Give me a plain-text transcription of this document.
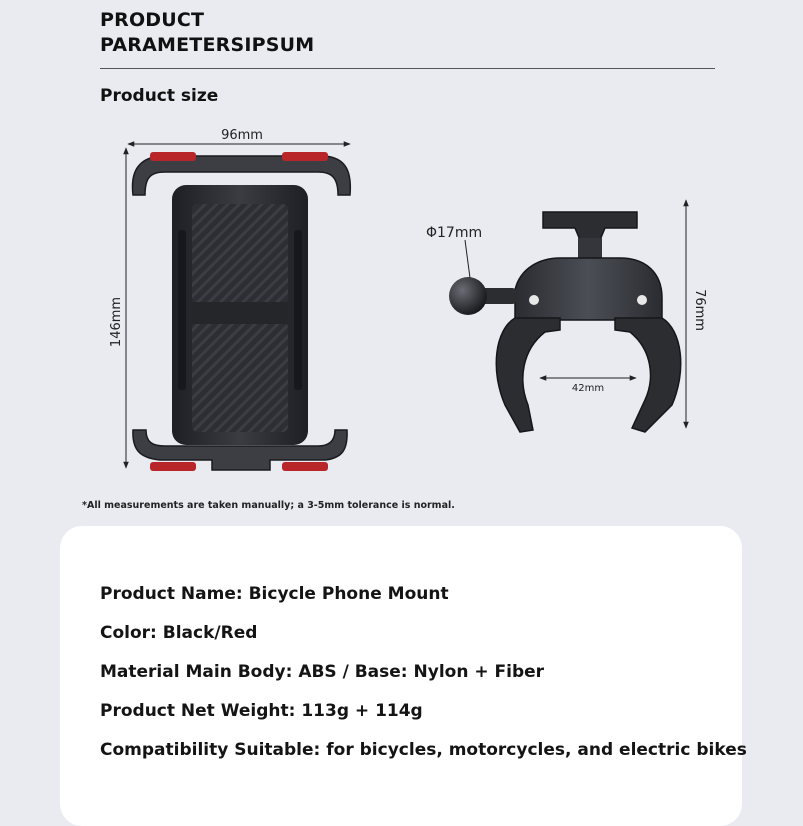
PRODUCT
PARAMETERSIPSUM
Product size
96mm
146mm
Φ17mm
42mm
76mm
*All measurements are taken manually; a 3-5mm tolerance is normal.
Product Name: Bicycle Phone Mount
Color: Black/Red
Material Main Body: ABS / Base: Nylon + Fiber
Product Net Weight: 113g + 114g
Compatibility Suitable: for bicycles, motorcycles, and electric bikes
